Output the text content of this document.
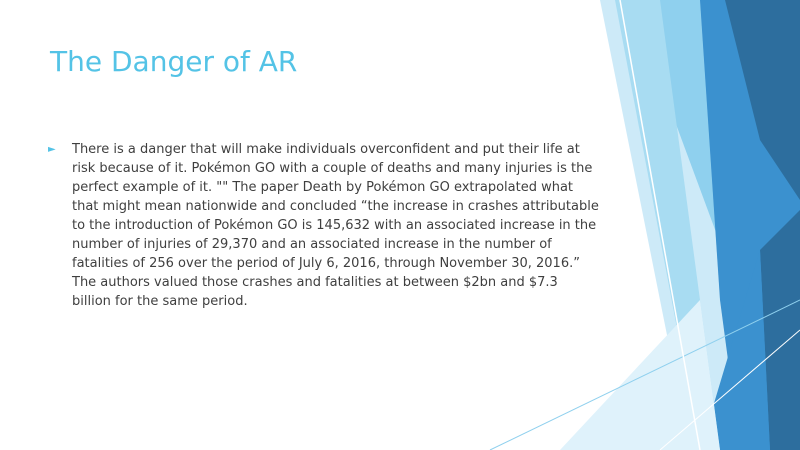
The Danger of AR
►	There is a danger that will make individuals overconfident and put their life at risk because of it. Pokémon GO with a couple of deaths and many injuries is the perfect example of it. "" The paper Death by Pokémon GO extrapolated what that might mean nationwide and concluded “the increase in crashes attributable to the introduction of Pokémon GO is 145,632 with an associated increase in the number of injuries of 29,370 and an associated increase in the number of fatalities of 256 over the period of July 6, 2016, through November 30, 2016.” The authors valued those crashes and fatalities at between $2bn and $7.3 billion for the same period.
